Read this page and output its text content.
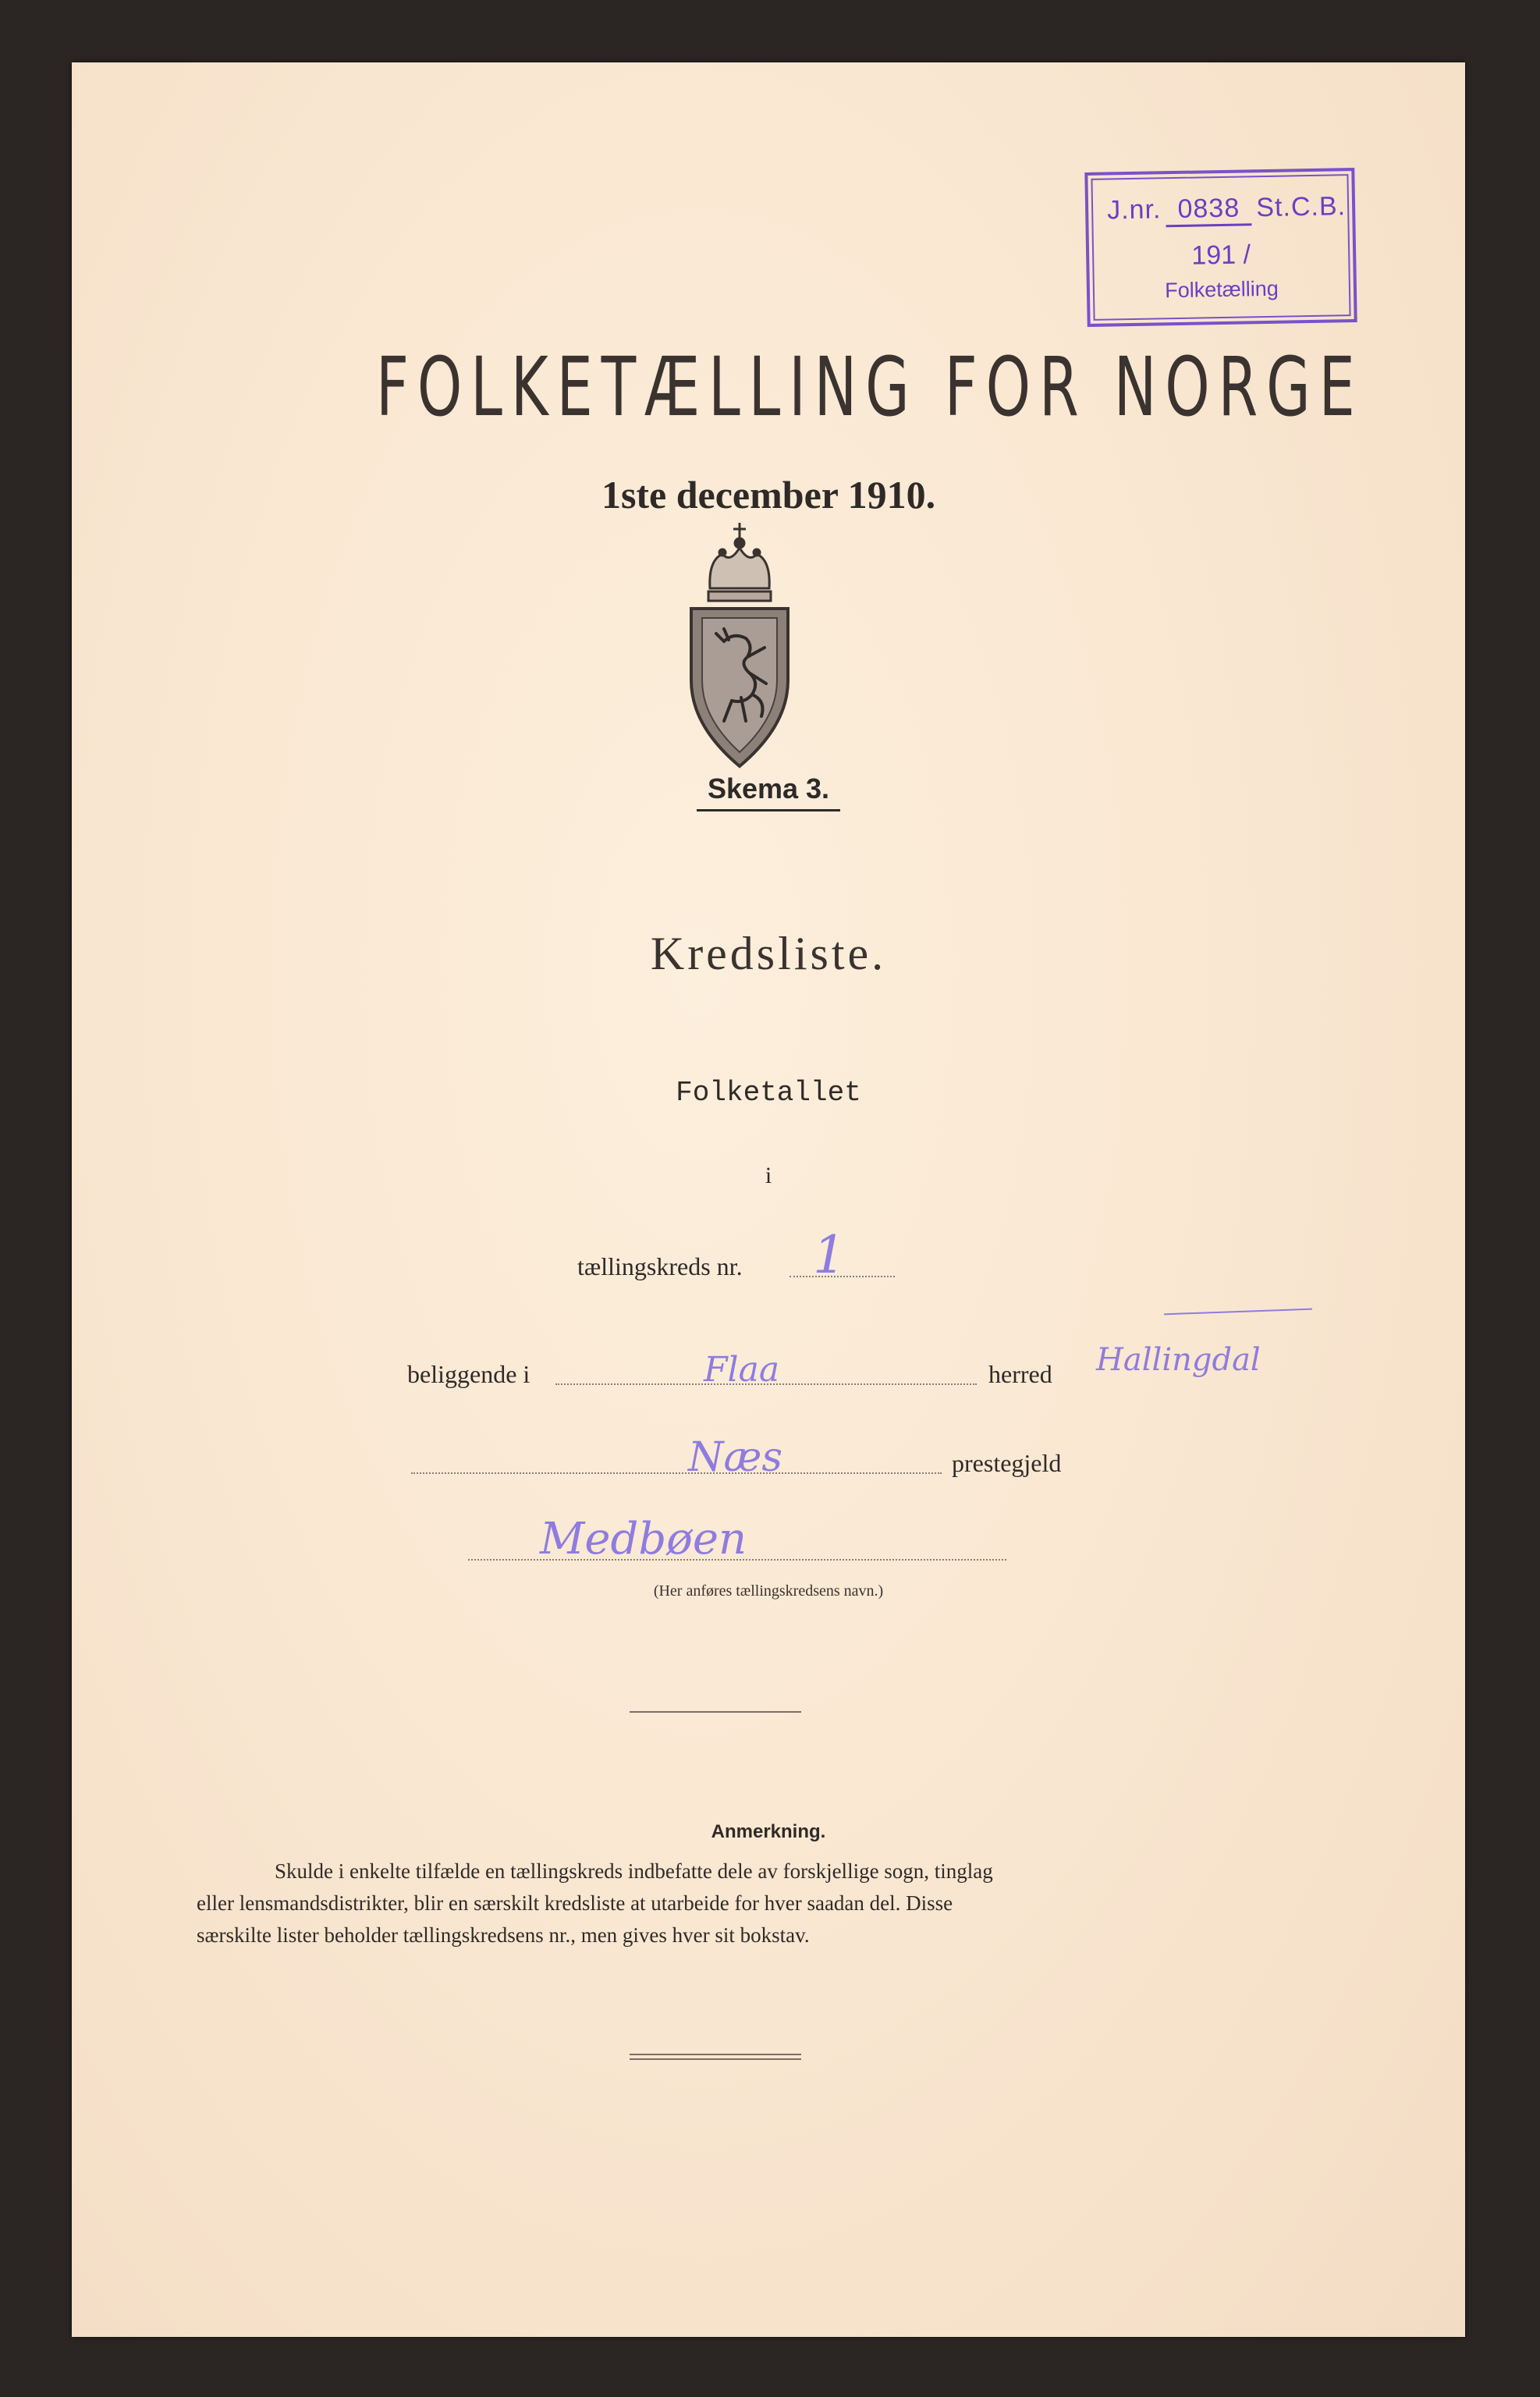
J.nr. 0838 St.C.B.
191 /
Folketælling
FOLKETÆLLING FOR NORGE
1ste december 1910.
Skema 3.
Kredsliste.
Folketallet
i
tællingskreds nr. 1
beliggende i	Flaa	herred Hallingdal
Næs	prestegjeld
Medbøen
(Her anføres tællingskredsens navn.)
Anmerkning.
Skulde i enkelte tilfælde en tællingskreds indbefatte dele av forskjellige sogn, tinglag
eller lensmandsdistrikter, blir en særskilt kredsliste at utarbeide for hver saadan del. Disse
særskilte lister beholder tællingskredsens nr., men gives hver sit bokstav.
